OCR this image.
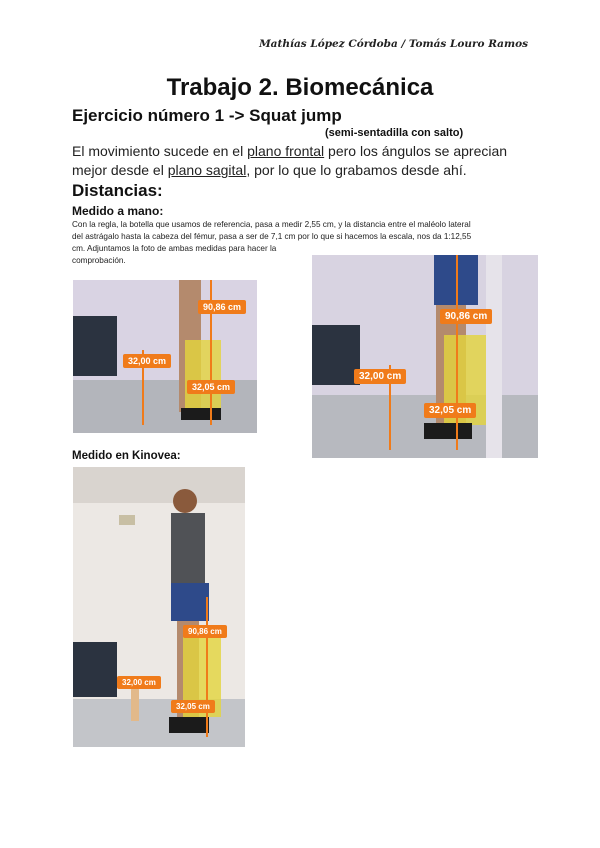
Mathías López Córdoba / Tomás Louro Ramos
Trabajo 2. Biomecánica
Ejercicio número 1 -> Squat jump
(semi-sentadilla con salto)

El movimiento sucede en el plano frontal pero los ángulos se aprecian mejor desde el plano sagital, por lo que lo grabamos desde ahí.

Distancias:
Medido a mano:

Con la regla, la botella que usamos de referencia, pasa a medir 2,55 cm, y la distancia entre el maléolo lateral
del astrágalo hasta la cabeza del fémur, pasa a ser de 7,1 cm por lo que si hacemos la escala, nos da 1:12,55
cm. Adjuntamos la foto de ambas medidas para hacer la
comprobación.

90,86 cm
32,00 cm
32,05 cm
90,86 cm
32,00 cm
32,05 cm
Medido en Kinovea:
90,86 cm
32,00 cm
32,05 cm
